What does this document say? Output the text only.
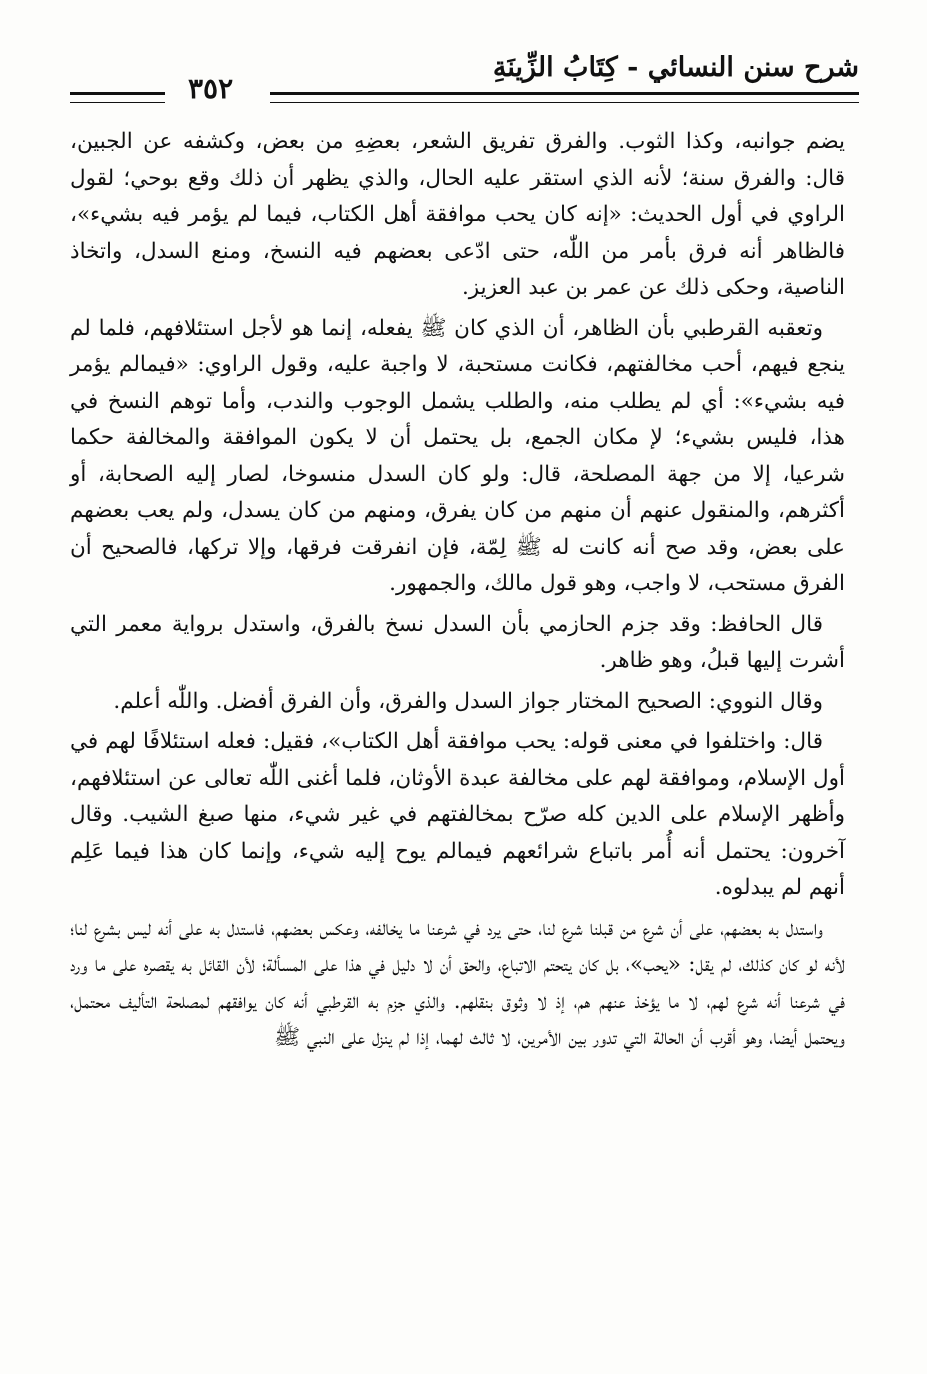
شرح سنن النسائي - كِتَابُ الزِّينَةِ
٣٥٢

يضم جوانبه، وكذا الثوب. والفرق تفريق الشعر، بعضِهِ من بعض، وكشفه عن الجبين، قال: والفرق سنة؛ لأنه الذي استقر عليه الحال، والذي يظهر أن ذلك وقع بوحي؛ لقول الراوي في أول الحديث: «إنه كان يحب موافقة أهل الكتاب، فيما لم يؤمر فيه بشيء»، فالظاهر أنه فرق بأمر من اللّٰه، حتى ادّعى بعضهم فيه النسخ، ومنع السدل، واتخاذ الناصية، وحكى ذلك عن عمر بن عبد العزيز.

وتعقبه القرطبي بأن الظاهر، أن الذي كان ﷺ يفعله، إنما هو لأجل استئلافهم، فلما لم ينجع فيهم، أحب مخالفتهم، فكانت مستحبة، لا واجبة عليه، وقول الراوي: «فيمالم يؤمر فيه بشيء»: أي لم يطلب منه، والطلب يشمل الوجوب والندب، وأما توهم النسخ في هذا، فليس بشيء؛ لإ مكان الجمع، بل يحتمل أن لا يكون الموافقة والمخالفة حكما شرعيا، إلا من جهة المصلحة، قال: ولو كان السدل منسوخا، لصار إليه الصحابة، أو أكثرهم، والمنقول عنهم أن منهم من كان يفرق، ومنهم من كان يسدل، ولم يعب بعضهم على بعض، وقد صح أنه كانت له ﷺ لِمّة، فإن انفرقت فرقها، وإلا تركها، فالصحيح أن الفرق مستحب، لا واجب، وهو قول مالك، والجمهور.

قال الحافظ: وقد جزم الحازمي بأن السدل نسخ بالفرق، واستدل برواية معمر التي أشرت إليها قبلُ، وهو ظاهر.

وقال النووي: الصحيح المختار جواز السدل والفرق، وأن الفرق أفضل. واللّٰه أعلم.

قال: واختلفوا في معنى قوله: يحب موافقة أهل الكتاب»، فقيل: فعله استئلافًا لهم في أول الإسلام، وموافقة لهم على مخالفة عبدة الأوثان، فلما أغنى اللّٰه تعالى عن استئلافهم، وأظهر الإسلام على الدين كله صرّح بمخالفتهم في غير شيء، منها صبغ الشيب. وقال آخرون: يحتمل أنه أُمر باتباع شرائعهم فيمالم يوح إليه شيء، وإنما كان هذا فيما عَلِم أنهم لم يبدلوه.

واستدل به بعضهم، على أن شرع من قبلنا شرع لنا، حتى يرد في شرعنا ما يخالفه، وعكس بعضهم، فاستدل به على أنه ليس بشرع لنا؛ لأنه لو كان كذلك، لم يقل: «يحب»، بل كان يتحتم الاتباع، والحق أن لا دليل في هذا على المسألة؛ لأن القائل به يقصره على ما ورد في شرعنا أنه شرع لهم، لا ما يؤخذ عنهم هم، إذ لا وثوق بنقلهم. والذي جزم به القرطبي أنه كان يوافقهم لمصلحة التأليف محتمل، ويحتمل أيضا، وهو أقرب أن الحالة التي تدور بين الأمرين، لا ثالث لهما، إذا لم ينزل على النبي ﷺ
